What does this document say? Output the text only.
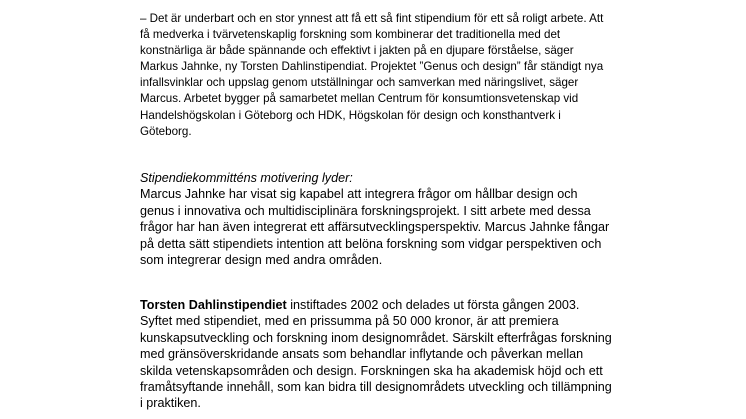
– Det är underbart och en stor ynnest att få ett så fint stipendium för ett så roligt arbete. Att få medverka i tvärvetenskaplig forskning som kombinerar det traditionella med det konstnärliga är både spännande och effektivt i jakten på en djupare förståelse, säger Markus Jahnke, ny Torsten Dahlinstipendiat. Projektet ”Genus och design” får ständigt nya infallsvinklar och uppslag genom utställningar och samverkan med näringslivet, säger Marcus. Arbetet bygger på samarbetet mellan Centrum för konsumtionsvetenskap vid Handelshögskolan i Göteborg och HDK, Högskolan för design och konsthantverk i Göteborg.

Stipendiekommitténs motivering lyder:

Marcus Jahnke har visat sig kapabel att integrera frågor om hållbar design och genus i innovativa och multidisciplinära forskningsprojekt. I sitt arbete med dessa frågor har han även integrerat ett affärsutvecklingsperspektiv. Marcus Jahnke fångar på detta sätt stipendiets intention att belöna forskning som vidgar perspektiven och som integrerar design med andra områden.

Torsten Dahlinstipendiet instiftades 2002 och delades ut första gången 2003. Syftet med stipendiet, med en prissumma på 50 000 kronor, är att premiera kunskapsutveckling och forskning inom designområdet. Särskilt efterfrågas forskning med gränsöverskridande ansats som behandlar inflytande och påverkan mellan skilda vetenskapsområden och design. Forskningen ska ha akademisk höjd och ett framåtsyftande innehåll, som kan bidra till designområdets utveckling och tillämpning i praktiken.
